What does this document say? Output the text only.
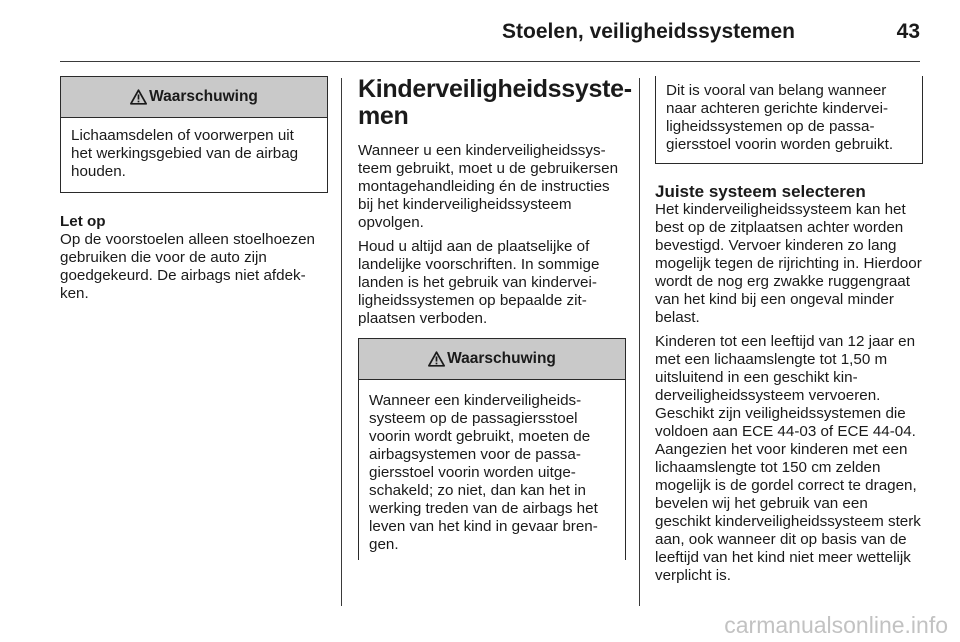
Stoelen, veiligheidssystemen	43
Waarschuwing
Lichaamsdelen of voorwerpen uit het werkingsgebied van de airbag houden.
Let op

Op de voorstoelen alleen stoelhoezen gebruiken die voor de auto zijn goedgekeurd. De airbags niet afdekken.

Kinderveiligheidssystemen

Wanneer u een kinderveiligheidssysteem gebruikt, moet u de gebruikersen montagehandleiding én de instructies bij het kinderveiligheidssysteem opvolgen.

Houd u altijd aan de plaatselijke of landelijke voorschriften. In sommige landen is het gebruik van kinderveiligheidssystemen op bepaalde zitplaatsen verboden.

Waarschuwing
Wanneer een kinderveiligheidssysteem op de passagiersstoel voorin wordt gebruikt, moeten de airbagsystemen voor de passagiersstoel voorin worden uitgeschakeld; zo niet, dan kan het in werking treden van de airbags het leven van het kind in gevaar brengen.
Dit is vooral van belang wanneer naar achteren gerichte kinderveiligheidssystemen op de passagiersstoel voorin worden gebruikt.
Juiste systeem selecteren

Het kinderveiligheidssysteem kan het best op de zitplaatsen achter worden bevestigd. Vervoer kinderen zo lang mogelijk tegen de rijrichting in. Hierdoor wordt de nog erg zwakke ruggengraat van het kind bij een ongeval minder belast.

Kinderen tot een leeftijd van 12 jaar en met een lichaamslengte tot 1,50 m uitsluitend in een geschikt kinderveiligheidssysteem vervoeren. Geschikt zijn veiligheidssystemen die voldoen aan ECE 44-03 of ECE 44-04. Aangezien het voor kinderen met een lichaamslengte tot 150 cm zelden mogelijk is de gordel correct te dragen, bevelen wij het gebruik van een geschikt kinderveiligheidssysteem sterk aan, ook wanneer dit op basis van de leeftijd van het kind niet meer wettelijk verplicht is.

carmanualsonline.info
